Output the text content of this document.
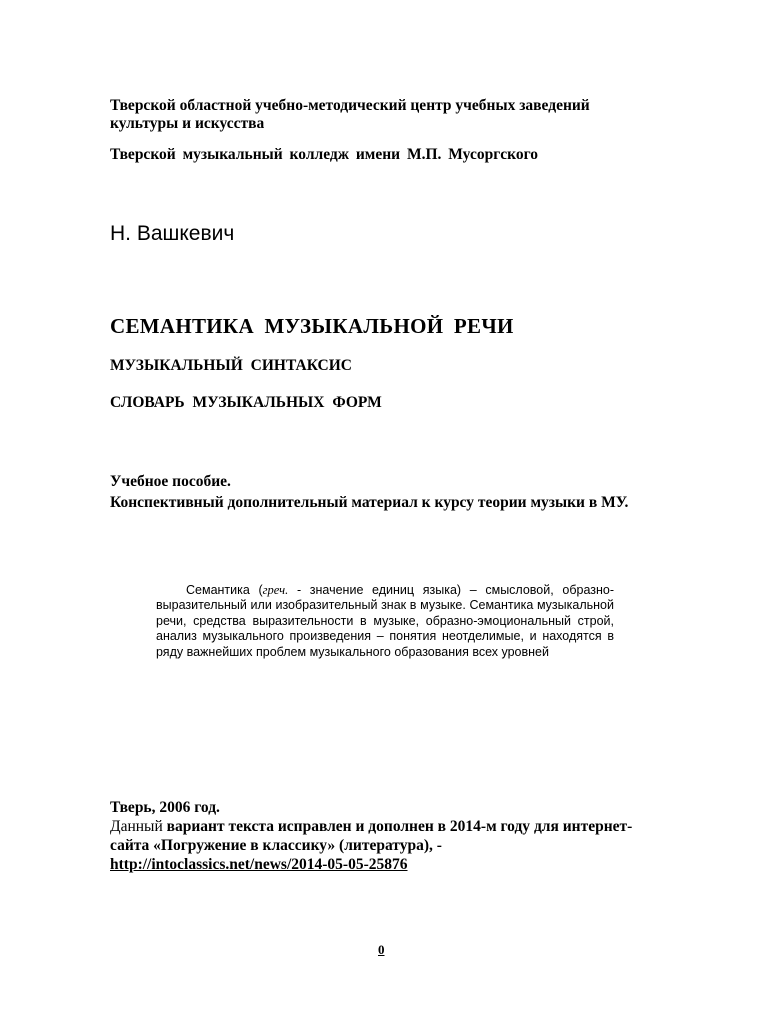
Тверской областной учебно-методический центр учебных заведений культуры и искусства
Тверской музыкальный колледж имени М.П. Мусоргского
Н. Вашкевич
СЕМАНТИКА МУЗЫКАЛЬНОЙ РЕЧИ
МУЗЫКАЛЬНЫЙ СИНТАКСИС
СЛОВАРЬ МУЗЫКАЛЬНЫХ ФОРМ
Учебное пособие.
Конспективный дополнительный материал к курсу теории музыки в МУ.
Семантика (греч. - значение единиц языка) – смысловой, образно-выразительный или изобразительный знак в музыке. Семантика музыкальной речи, средства выразительности в музыке, образно-эмоциональный строй, анализ музыкального произведения – понятия неотделимые, и находятся в ряду важнейших проблем музыкального образования всех уровней
Тверь, 2006 год.
Данный вариант текста исправлен и дополнен в 2014-м году для интернет-сайта «Погружение в классику» (литература), -
http://intoclassics.net/news/2014-05-05-25876
0
